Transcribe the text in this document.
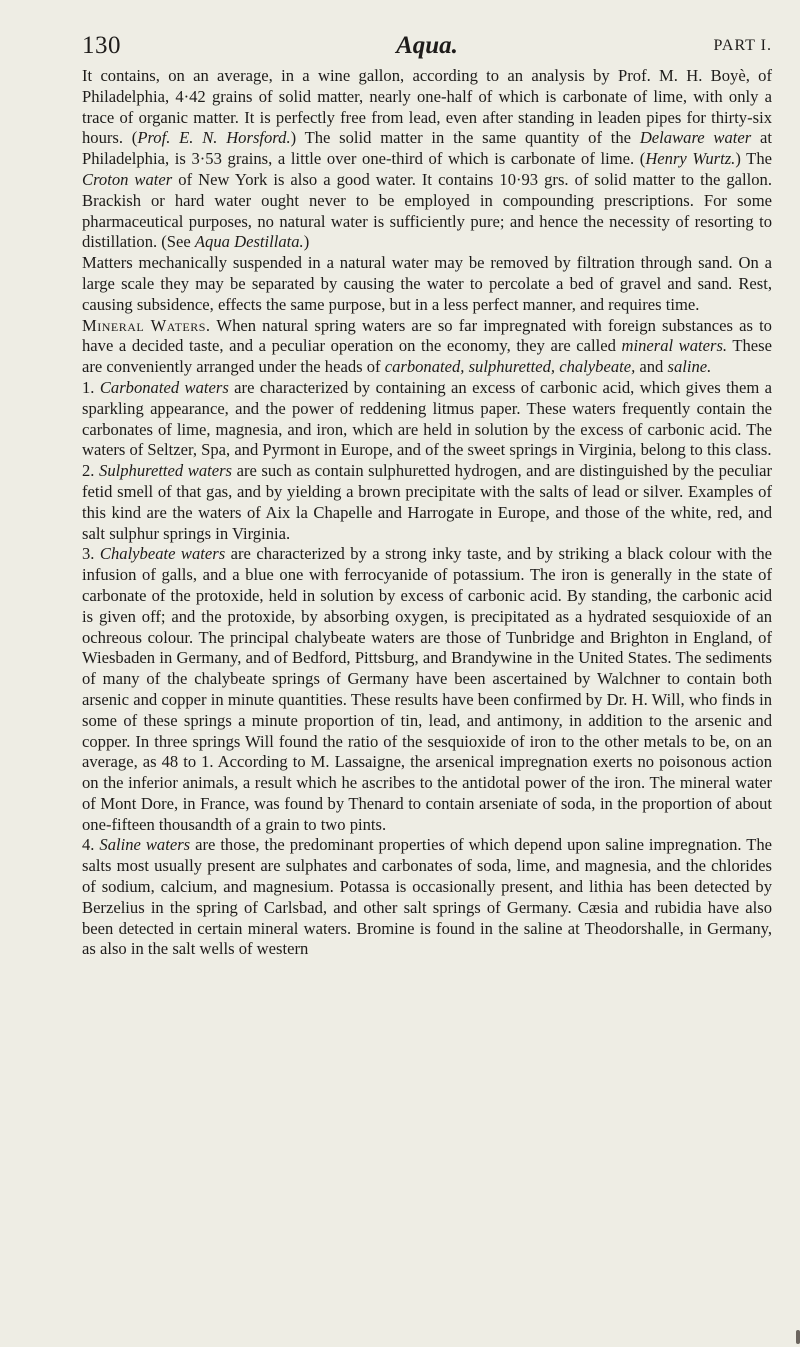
130	Aqua.	PART I.

It contains, on an average, in a wine gallon, according to an analysis by Prof. M. H. Boyè, of Philadelphia, 4·42 grains of solid matter, nearly one-half of which is carbonate of lime, with only a trace of organic matter. It is perfectly free from lead, even after standing in leaden pipes for thirty-six hours. (Prof. E. N. Horsford.) The solid matter in the same quantity of the Delaware water at Philadelphia, is 3·53 grains, a little over one-third of which is carbonate of lime. (Henry Wurtz.) The Croton water of New York is also a good water. It contains 10·93 grs. of solid matter to the gallon. Brackish or hard water ought never to be employed in compounding prescriptions. For some pharmaceutical purposes, no natural water is sufficiently pure; and hence the necessity of resorting to distillation. (See Aqua Destillata.)

Matters mechanically suspended in a natural water may be removed by filtration through sand. On a large scale they may be separated by causing the water to percolate a bed of gravel and sand. Rest, causing subsidence, effects the same purpose, but in a less perfect manner, and requires time.

Mineral Waters. When natural spring waters are so far impregnated with foreign substances as to have a decided taste, and a peculiar operation on the economy, they are called mineral waters. These are conveniently arranged under the heads of carbonated, sulphuretted, chalybeate, and saline.

1. Carbonated waters are characterized by containing an excess of carbonic acid, which gives them a sparkling appearance, and the power of reddening litmus paper. These waters frequently contain the carbonates of lime, magnesia, and iron, which are held in solution by the excess of carbonic acid. The waters of Seltzer, Spa, and Pyrmont in Europe, and of the sweet springs in Virginia, belong to this class.

2. Sulphuretted waters are such as contain sulphuretted hydrogen, and are distinguished by the peculiar fetid smell of that gas, and by yielding a brown precipitate with the salts of lead or silver. Examples of this kind are the waters of Aix la Chapelle and Harrogate in Europe, and those of the white, red, and salt sulphur springs in Virginia.

3. Chalybeate waters are characterized by a strong inky taste, and by striking a black colour with the infusion of galls, and a blue one with ferrocyanide of potassium. The iron is generally in the state of carbonate of the protoxide, held in solution by excess of carbonic acid. By standing, the carbonic acid is given off; and the protoxide, by absorbing oxygen, is precipitated as a hydrated sesquioxide of an ochreous colour. The principal chalybeate waters are those of Tunbridge and Brighton in England, of Wiesbaden in Germany, and of Bedford, Pittsburg, and Brandywine in the United States. The sediments of many of the chalybeate springs of Germany have been ascertained by Walchner to contain both arsenic and copper in minute quantities. These results have been confirmed by Dr. H. Will, who finds in some of these springs a minute proportion of tin, lead, and antimony, in addition to the arsenic and copper. In three springs Will found the ratio of the sesquioxide of iron to the other metals to be, on an average, as 48 to 1. According to M. Lassaigne, the arsenical impregnation exerts no poisonous action on the inferior animals, a result which he ascribes to the antidotal power of the iron. The mineral water of Mont Dore, in France, was found by Thenard to contain arseniate of soda, in the proportion of about one-fifteen thousandth of a grain to two pints.

4. Saline waters are those, the predominant properties of which depend upon saline impregnation. The salts most usually present are sulphates and carbonates of soda, lime, and magnesia, and the chlorides of sodium, calcium, and magnesium. Potassa is occasionally present, and lithia has been detected by Berzelius in the spring of Carlsbad, and other salt springs of Germany. Cæsia and rubidia have also been detected in certain mineral waters. Bromine is found in the saline at Theodorshalle, in Germany, as also in the salt wells of western
